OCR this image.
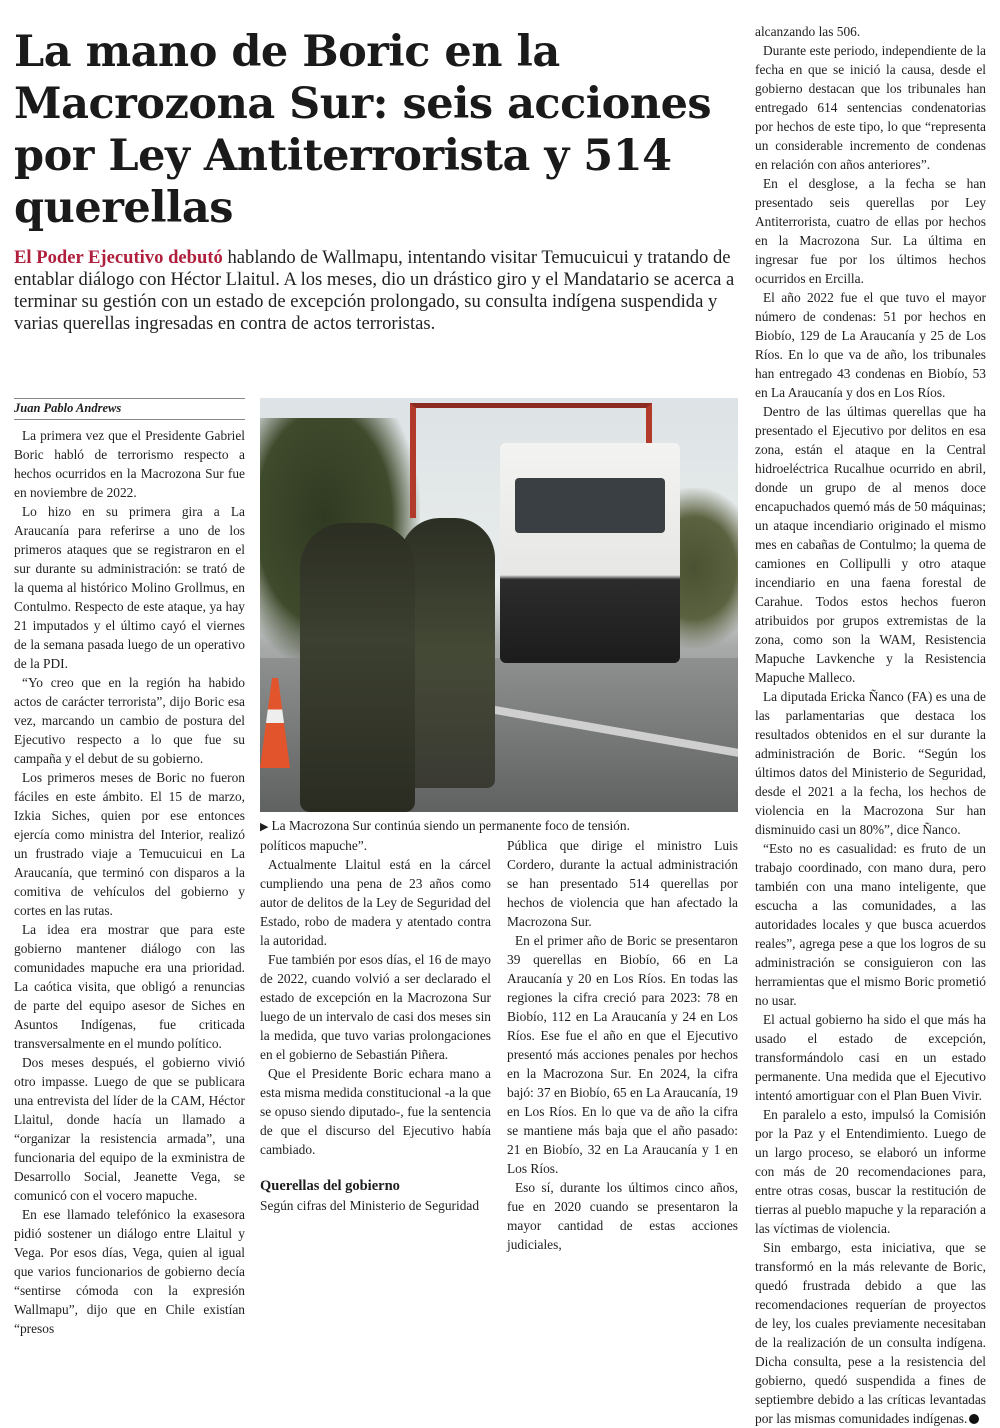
La mano de Boric en la Macrozona Sur: seis acciones por Ley Antiterrorista y 514 querellas

El Poder Ejecutivo debutó hablando de Wallmapu, intentando visitar Temucuicui y tratando de entablar diálogo con Héctor Llaitul. A los meses, dio un drástico giro y el Mandatario se acerca a terminar su gestión con un estado de excepción prolongado, su consulta indígena suspendida y varias querellas ingresadas en contra de actos terroristas.

Juan Pablo Andrews
▶ La Macrozona Sur continúa siendo un permanente foco de tensión.

La primera vez que el Presidente Gabriel Boric habló de terrorismo respecto a hechos ocurridos en la Macrozona Sur fue en noviembre de 2022.

Lo hizo en su primera gira a La Araucanía para referirse a uno de los primeros ataques que se registraron en el sur durante su administración: se trató de la quema al histórico Molino Grollmus, en Contulmo. Respecto de este ataque, ya hay 21 imputados y el último cayó el viernes de la semana pasada luego de un operativo de la PDI.

“Yo creo que en la región ha habido actos de carácter terrorista”, dijo Boric esa vez, marcando un cambio de postura del Ejecutivo respecto a lo que fue su campaña y el debut de su gobierno.

Los primeros meses de Boric no fueron fáciles en este ámbito. El 15 de marzo, Izkia Siches, quien por ese entonces ejercía como ministra del Interior, realizó un frustrado viaje a Temucuicui en La Araucanía, que terminó con disparos a la comitiva de vehículos del gobierno y cortes en las rutas.

La idea era mostrar que para este gobierno mantener diálogo con las comunidades mapuche era una prioridad. La caótica visita, que obligó a renuncias de parte del equipo asesor de Siches en Asuntos Indígenas, fue criticada transversalmente en el mundo político.

Dos meses después, el gobierno vivió otro impasse. Luego de que se publicara una entrevista del líder de la CAM, Héctor Llaitul, donde hacía un llamado a “organizar la resistencia armada”, una funcionaria del equipo de la exministra de Desarrollo Social, Jeanette Vega, se comunicó con el vocero mapuche.

En ese llamado telefónico la exasesora pidió sostener un diálogo entre Llaitul y Vega. Por esos días, Vega, quien al igual que varios funcionarios de gobierno decía “sentirse cómoda con la expresión Wallmapu”, dijo que en Chile existían “presos

políticos mapuche”.

Actualmente Llaitul está en la cárcel cumpliendo una pena de 23 años como autor de delitos de la Ley de Seguridad del Estado, robo de madera y atentado contra la autoridad.

Fue también por esos días, el 16 de mayo de 2022, cuando volvió a ser declarado el estado de excepción en la Macrozona Sur luego de un intervalo de casi dos meses sin la medida, que tuvo varias prolongaciones en el gobierno de Sebastián Piñera.

Que el Presidente Boric echara mano a esta misma medida constitucional -a la que se opuso siendo diputado-, fue la sentencia de que el discurso del Ejecutivo había cambiado.

Querellas del gobierno

Según cifras del Ministerio de Seguridad

Pública que dirige el ministro Luis Cordero, durante la actual administración se han presentado 514 querellas por hechos de violencia que han afectado la Macrozona Sur.

En el primer año de Boric se presentaron 39 querellas en Biobío, 66 en La Araucanía y 20 en Los Ríos. En todas las regiones la cifra creció para 2023: 78 en Biobío, 112 en La Araucanía y 24 en Los Ríos. Ese fue el año en que el Ejecutivo presentó más acciones penales por hechos en la Macrozona Sur. En 2024, la cifra bajó: 37 en Biobío, 65 en La Araucanía, 19 en Los Ríos. En lo que va de año la cifra se mantiene más baja que el año pasado: 21 en Biobío, 32 en La Araucanía y 1 en Los Ríos.

Eso sí, durante los últimos cinco años, fue en 2020 cuando se presentaron la mayor cantidad de estas acciones judiciales,

alcanzando las 506.

Durante este periodo, independiente de la fecha en que se inició la causa, desde el gobierno destacan que los tribunales han entregado 614 sentencias condenatorias por hechos de este tipo, lo que “representa un considerable incremento de condenas en relación con años anteriores”.

En el desglose, a la fecha se han presentado seis querellas por Ley Antiterrorista, cuatro de ellas por hechos en la Macrozona Sur. La última en ingresar fue por los últimos hechos ocurridos en Ercilla.

El año 2022 fue el que tuvo el mayor número de condenas: 51 por hechos en Biobío, 129 de La Araucanía y 25 de Los Ríos. En lo que va de año, los tribunales han entregado 43 condenas en Biobío, 53 en La Araucanía y dos en Los Ríos.

Dentro de las últimas querellas que ha presentado el Ejecutivo por delitos en esa zona, están el ataque en la Central hidroeléctrica Rucalhue ocurrido en abril, donde un grupo de al menos doce encapuchados quemó más de 50 máquinas; un ataque incendiario originado el mismo mes en cabañas de Contulmo; la quema de camiones en Collipulli y otro ataque incendiario en una faena forestal de Carahue. Todos estos hechos fueron atribuidos por grupos extremistas de la zona, como son la WAM, Resistencia Mapuche Lavkenche y la Resistencia Mapuche Malleco.

La diputada Ericka Ñanco (FA) es una de las parlamentarias que destaca los resultados obtenidos en el sur durante la administración de Boric. “Según los últimos datos del Ministerio de Seguridad, desde el 2021 a la fecha, los hechos de violencia en la Macrozona Sur han disminuido casi un 80%”, dice Ñanco.

“Esto no es casualidad: es fruto de un trabajo coordinado, con mano dura, pero también con una mano inteligente, que escucha a las comunidades, a las autoridades locales y que busca acuerdos reales”, agrega pese a que los logros de su administración se consiguieron con las herramientas que el mismo Boric prometió no usar.

El actual gobierno ha sido el que más ha usado el estado de excepción, transformándolo casi en un estado permanente. Una medida que el Ejecutivo intentó amortiguar con el Plan Buen Vivir.

En paralelo a esto, impulsó la Comisión por la Paz y el Entendimiento. Luego de un largo proceso, se elaboró un informe con más de 20 recomendaciones para, entre otras cosas, buscar la restitución de tierras al pueblo mapuche y la reparación a las víctimas de violencia.

Sin embargo, esta iniciativa, que se transformó en la más relevante de Boric, quedó frustrada debido a que las recomendaciones requerían de proyectos de ley, los cuales previamente necesitaban de la realización de un consulta indígena. Dicha consulta, pese a la resistencia del gobierno, quedó suspendida a fines de septiembre debido a las críticas levantadas por las mismas comunidades indígenas.
